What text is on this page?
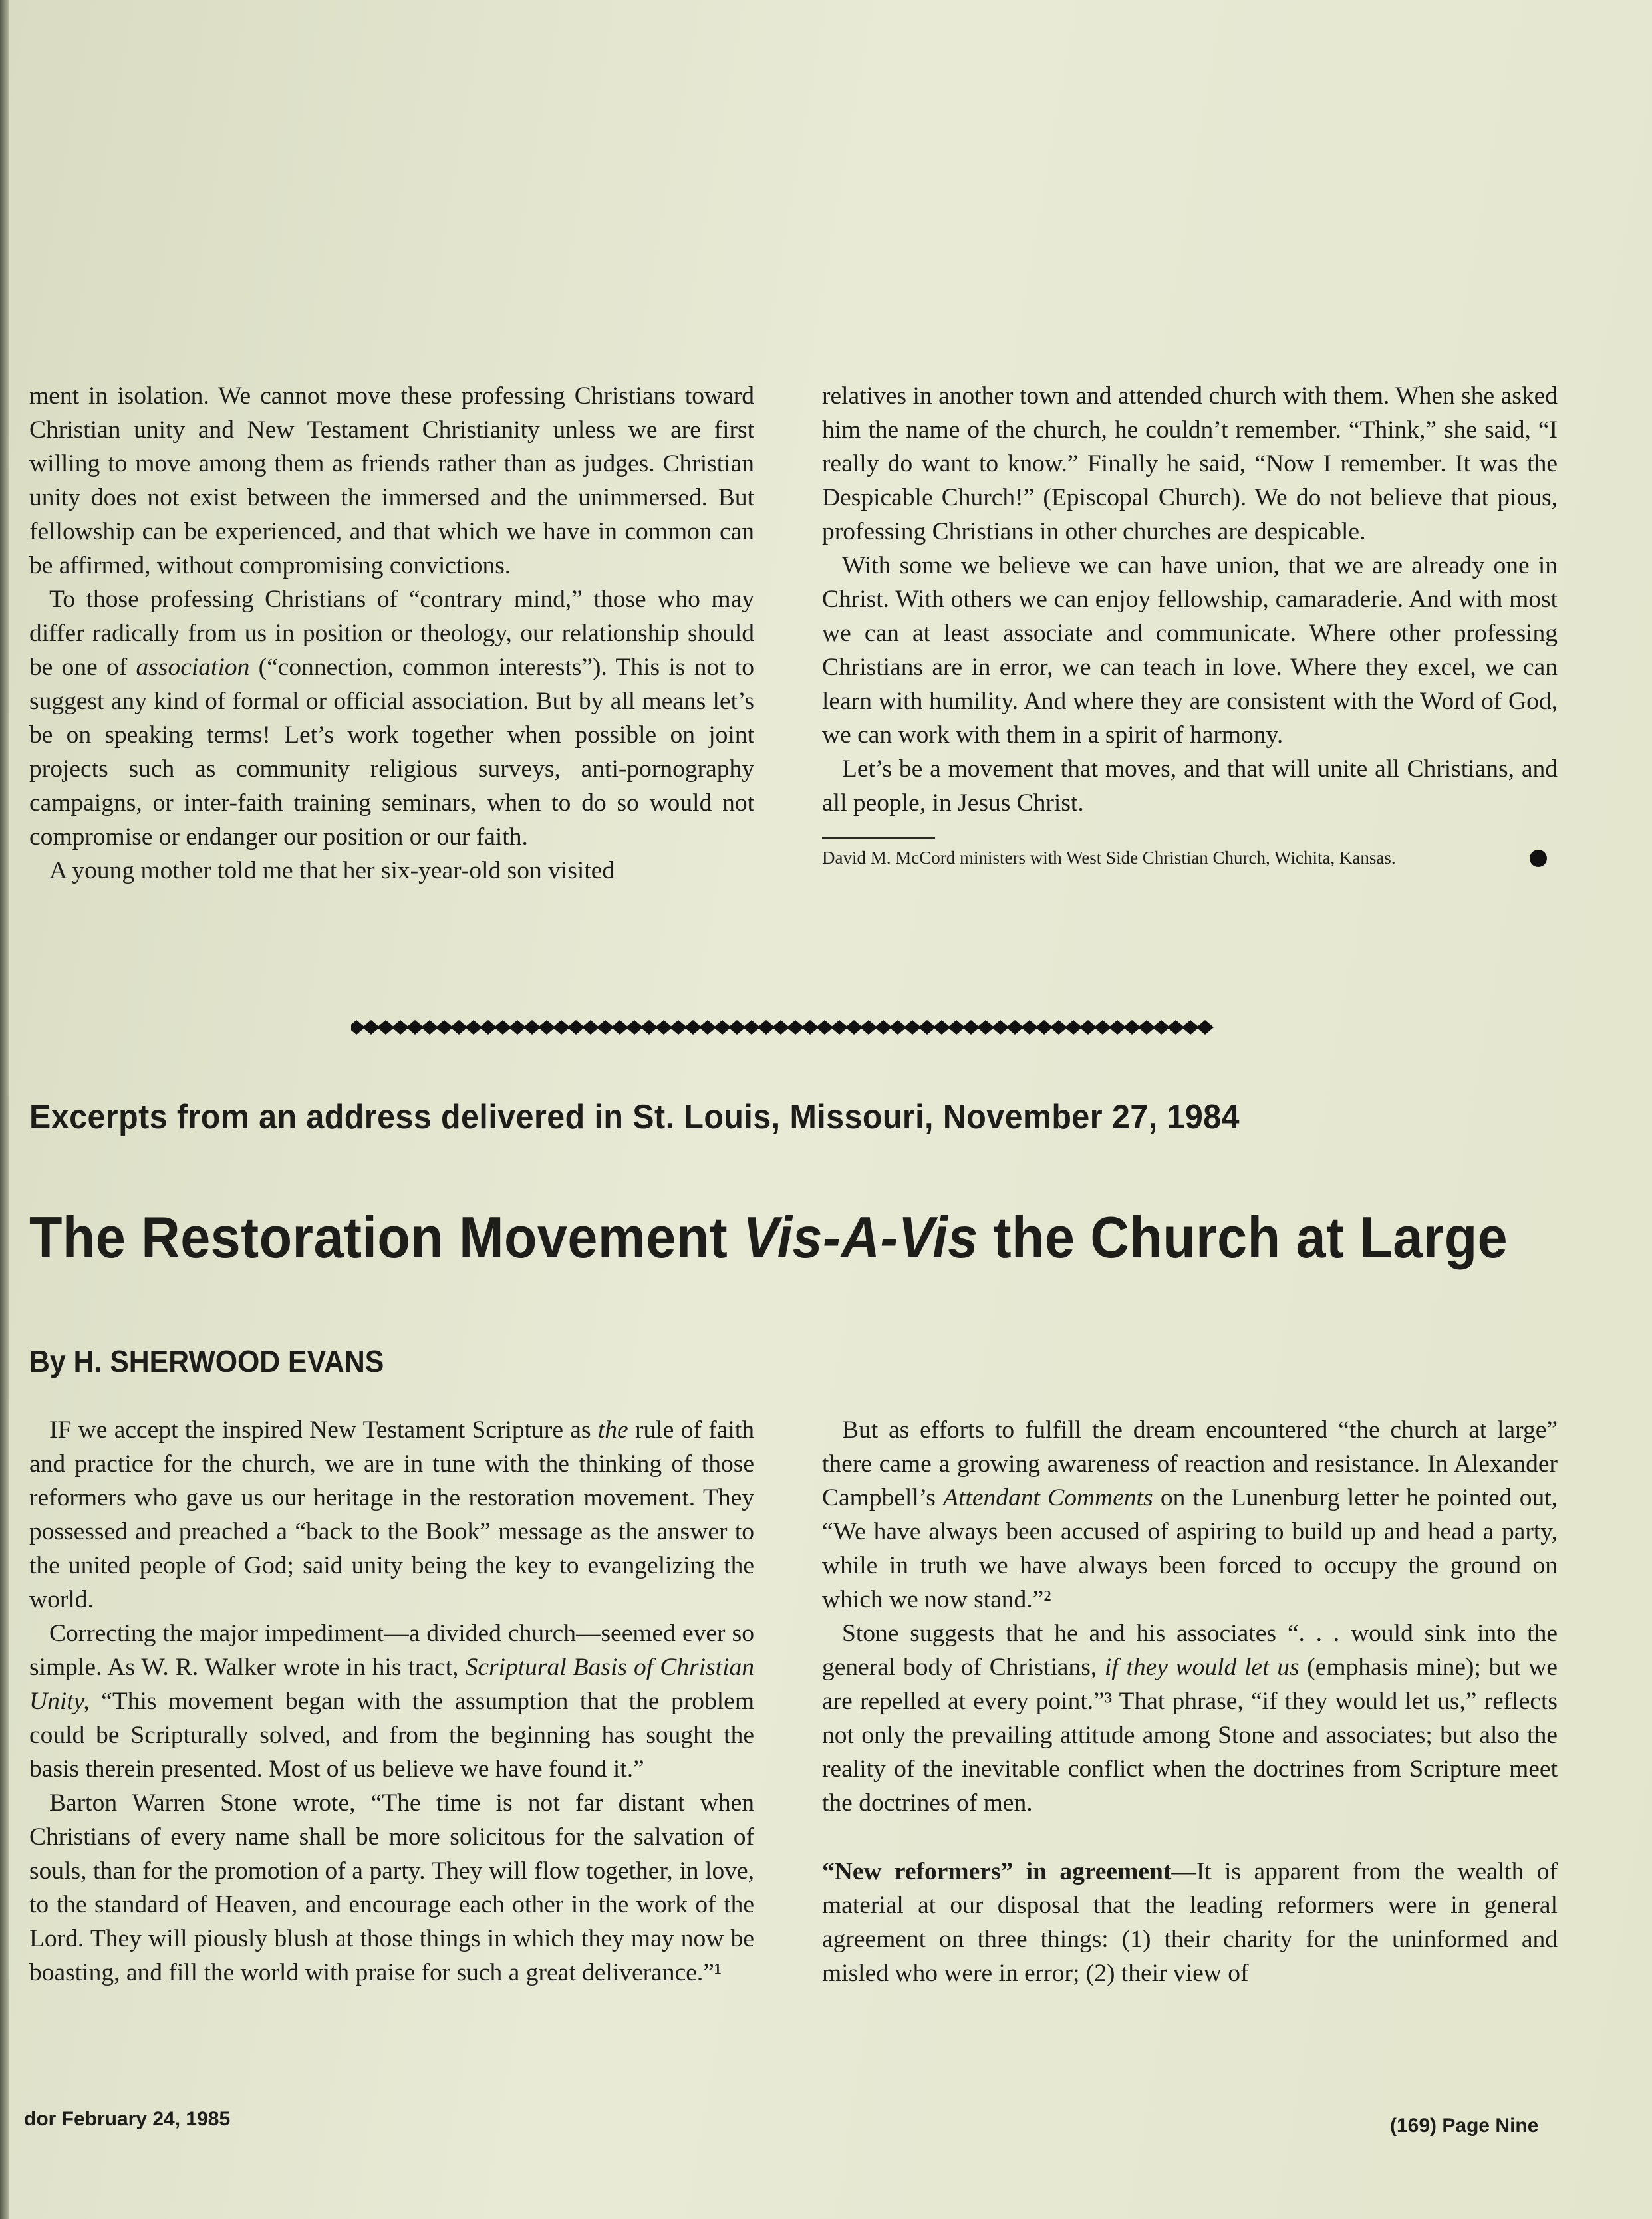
ment in isolation. We cannot move these professing Christians toward Christian unity and New Testament Christianity unless we are first willing to move among them as friends rather than as judges. Christian unity does not exist between the immersed and the unimmersed. But fellowship can be experienced, and that which we have in common can be affirmed, without compromising convictions.

To those professing Christians of “contrary mind,” those who may differ radically from us in position or theology, our relationship should be one of association (“connection, common interests”). This is not to suggest any kind of formal or official association. But by all means let’s be on speaking terms! Let’s work together when possible on joint projects such as community religious surveys, anti-pornography campaigns, or inter-faith training seminars, when to do so would not compromise or endanger our position or our faith.

A young mother told me that her six-year-old son visited

relatives in another town and attended church with them. When she asked him the name of the church, he couldn’t remember. “Think,” she said, “I really do want to know.” Finally he said, “Now I remember. It was the Despicable Church!” (Episcopal Church). We do not believe that pious, professing Christians in other churches are despicable.

With some we believe we can have union, that we are already one in Christ. With others we can enjoy fellowship, camaraderie. And with most we can at least associate and communicate. Where other professing Christians are in error, we can teach in love. Where they excel, we can learn with humility. And where they are consistent with the Word of God, we can work with them in a spirit of harmony.

Let’s be a movement that moves, and that will unite all Christians, and all people, in Jesus Christ.

David M. McCord ministers with West Side Christian Church, Wichita, Kansas.

Excerpts from an address delivered in St. Louis, Missouri, November 27, 1984
The Restoration Movement Vis-A-Vis the Church at Large
By H. SHERWOOD EVANS

IF we accept the inspired New Testament Scripture as the rule of faith and practice for the church, we are in tune with the thinking of those reformers who gave us our heritage in the restoration movement. They possessed and preached a “back to the Book” message as the answer to the united people of God; said unity being the key to evangelizing the world.

Correcting the major impediment—a divided church—seemed ever so simple. As W. R. Walker wrote in his tract, Scriptural Basis of Christian Unity, “This movement began with the assumption that the problem could be Scripturally solved, and from the beginning has sought the basis therein presented. Most of us believe we have found it.”

Barton Warren Stone wrote, “The time is not far distant when Christians of every name shall be more solicitous for the salvation of souls, than for the promotion of a party. They will flow together, in love, to the standard of Heaven, and encourage each other in the work of the Lord. They will piously blush at those things in which they may now be boasting, and fill the world with praise for such a great deliverance.”¹

But as efforts to fulfill the dream encountered “the church at large” there came a growing awareness of reaction and resistance. In Alexander Campbell’s Attendant Comments on the Lunenburg letter he pointed out, “We have always been accused of aspiring to build up and head a party, while in truth we have always been forced to occupy the ground on which we now stand.”²

Stone suggests that he and his associates “. . . would sink into the general body of Christians, if they would let us (emphasis mine); but we are repelled at every point.”³ That phrase, “if they would let us,” reflects not only the prevailing attitude among Stone and associates; but also the reality of the inevitable conflict when the doctrines from Scripture meet the doctrines of men.

“New reformers” in agreement—It is apparent from the wealth of material at our disposal that the leading reformers were in general agreement on three things: (1) their charity for the uninformed and misled who were in error; (2) their view of

dor February 24, 1985	(169) Page Nine
